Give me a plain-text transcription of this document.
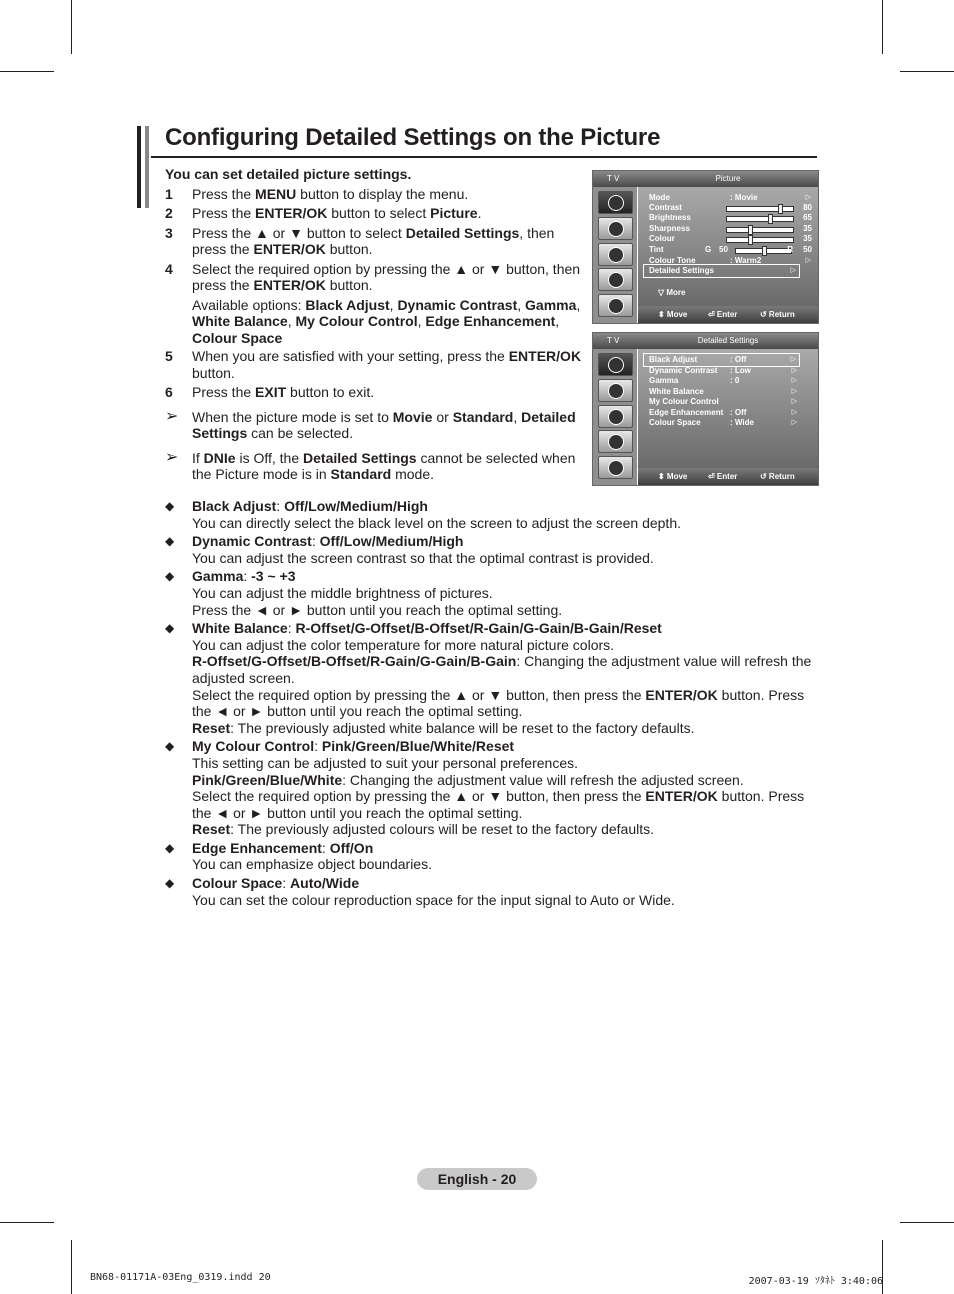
Configuring Detailed Settings on the Picture

You can set detailed picture settings.

1	Press the MENU button to display the menu.
2	Press the ENTER/OK button to select Picture.
3	Press the ▲ or ▼ button to select Detailed Settings, then press the ENTER/OK button.
4	Select the required option by pressing the ▲ or ▼ button, then press the ENTER/OK button.

Available options: Black Adjust, Dynamic Contrast, Gamma, White Balance, My Colour Control, Edge Enhancement, Colour Space

5	When you are satisfied with your setting, press the ENTER/OK button.
6	Press the EXIT button to exit.
➢ When the picture mode is set to Movie or Standard, Detailed Settings can be selected.
➢ If DNIe is Off, the Detailed Settings cannot be selected when the Picture mode is in Standard mode.
◆	Black Adjust: Off/Low/Medium/High
You can directly select the black level on the screen to adjust the screen depth.
◆	Dynamic Contrast: Off/Low/Medium/High
You can adjust the screen contrast so that the optimal contrast is provided.
◆	Gamma: -3 ~ +3
You can adjust the middle brightness of pictures.
Press the ◄ or ► button until you reach the optimal setting.
◆	White Balance: R-Offset/G-Offset/B-Offset/R-Gain/G-Gain/B-Gain/Reset
You can adjust the color temperature for more natural picture colors.
R-Offset/G-Offset/B-Offset/R-Gain/G-Gain/B-Gain: Changing the adjustment value will refresh the adjusted screen.
Select the required option by pressing the ▲ or ▼ button, then press the ENTER/OK button. Press the ◄ or ► button until you reach the optimal setting.
Reset: The previously adjusted white balance will be reset to the factory defaults.
◆	My Colour Control: Pink/Green/Blue/White/Reset
This setting can be adjusted to suit your personal preferences.
Pink/Green/Blue/White: Changing the adjustment value will refresh the adjusted screen.
Select the required option by pressing the ▲ or ▼ button, then press the ENTER/OK button. Press the ◄ or ► button until you reach the optimal setting.
Reset: The previously adjusted colours will be reset to the factory defaults.
◆	Edge Enhancement: Off/On
You can emphasize object boundaries.
◆	Colour Space: Auto/Wide
You can set the colour reproduction space for the input signal to Auto or Wide.
T V	Picture
Mode	: Movie	▷
Contrast	80
Brightness	65
Sharpness	35
Colour	35
Tint	G 50	R 50
Colour Tone	: Warm2	▷
Detailed Settings	▷
▽ More
⬍ Move	⏎ Enter	↺ Return
T V	Detailed Settings
Black Adjust	: Off	▷
Dynamic Contrast : Low	▷
Gamma	: 0	▷
White Balance	▷
My Colour Control	▷
Edge Enhancement : Off	▷
Colour Space	: Wide	▷
⬍ Move	⏎ Enter	↺ Return
English - 20
BN68-01171A-03Eng_0319.indd 20	2007-03-19 ｿﾀﾈﾄ 3:40:06
